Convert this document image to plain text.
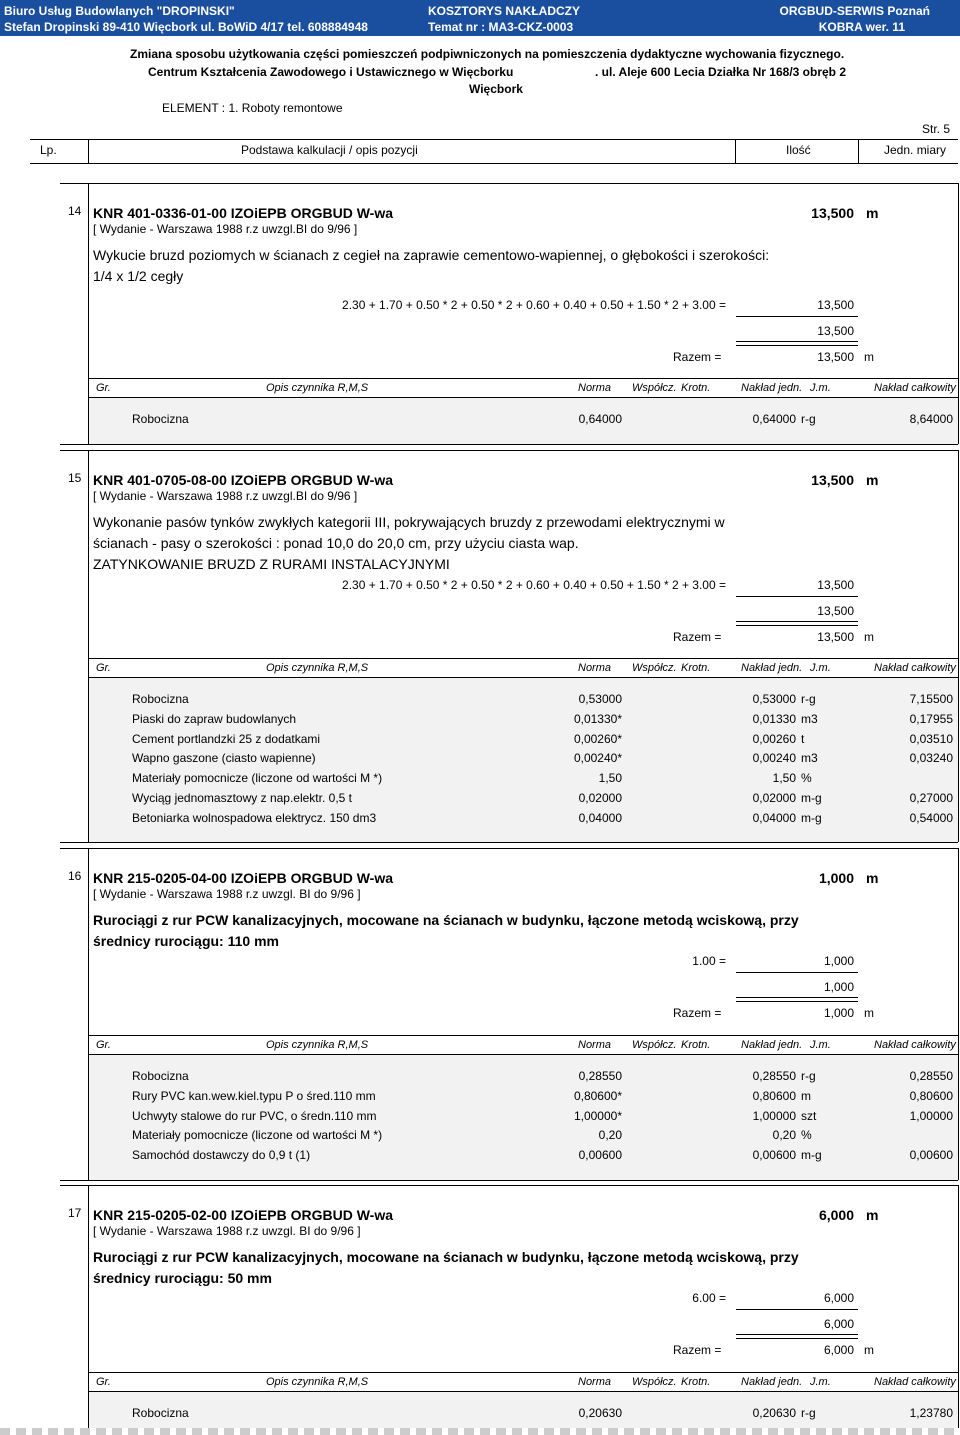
Biuro Usług Budowlanych "DROPINSKI"
Stefan Dropinski 89-410 Więcbork ul. BoWiD 4/17 tel. 608884948
KOSZTORYS NAKŁADCZY
Temat nr : MA3-CKZ-0003
ORGBUD-SERWIS Poznań
KOBRA wer. 11
Zmiana sposobu użytkowania części pomieszczeń podpiwniczonych na pomieszczenia dydaktyczne wychowania fizycznego.
Centrum Kształcenia Zawodowego i Ustawicznego w Więcborku	. ul. Aleje 600 Lecia Działka Nr 168/3 obręb 2
Więcbork
ELEMENT : 1. Roboty remontowe
Str. 5
Lp.	Podstawa kalkulacji / opis pozycji	Ilość	Jedn. miary
14 KNR 401-0336-01-00 IZOiEPB ORGBUD W-wa	13,500 m
[ Wydanie - Warszawa 1988 r.z uwzgl.BI do 9/96 ]
Wykucie bruzd poziomych w ścianach z cegieł na zaprawie cementowo-wapiennej, o głębokości i szerokości:
1/4 x 1/2 cegły
2.30 + 1.70 + 0.50 * 2 + 0.50 * 2 + 0.60 + 0.40 + 0.50 + 1.50 * 2 + 3.00 =	13,500
13,500
Razem =	13,500 m
Gr.	Opis czynnika R,M,S	Norma Współcz. Krotn.	Nakład jedn. J.m.	Nakład całkowity
Robocizna	0,64000	0,64000 r-g	8,64000
15 KNR 401-0705-08-00 IZOiEPB ORGBUD W-wa	13,500 m
[ Wydanie - Warszawa 1988 r.z uwzgl.BI do 9/96 ]
Wykonanie pasów tynków zwykłych kategorii III, pokrywających bruzdy z przewodami elektrycznymi w
ścianach - pasy o szerokości : ponad 10,0 do 20,0 cm, przy użyciu ciasta wap.
ZATYNKOWANIE BRUZD Z RURAMI INSTALACYJNYMI
2.30 + 1.70 + 0.50 * 2 + 0.50 * 2 + 0.60 + 0.40 + 0.50 + 1.50 * 2 + 3.00 =	13,500
13,500
Razem =	13,500 m
Gr.	Opis czynnika R,M,S	Norma Współcz. Krotn.	Nakład jedn. J.m.	Nakład całkowity
Robocizna	0,53000	0,53000 r-g	7,15500
Piaski do zapraw budowlanych	0,01330*	0,01330 m3	0,17955
Cement portlandzki 25 z dodatkami	0,00260*	0,00260 t	0,03510
Wapno gaszone (ciasto wapienne)	0,00240*	0,00240 m3	0,03240
Materiały pomocnicze (liczone od wartości M *)	1,50	1,50 %
Wyciąg jednomasztowy z nap.elektr. 0,5 t	0,02000	0,02000 m-g	0,27000
Betoniarka wolnospadowa elektrycz. 150 dm3	0,04000	0,04000 m-g	0,54000
16 KNR 215-0205-04-00 IZOiEPB ORGBUD W-wa	1,000 m
[ Wydanie - Warszawa 1988 r.z uwzgl. BI do 9/96 ]
Rurociągi z rur PCW kanalizacyjnych, mocowane na ścianach w budynku, łączone metodą wciskową, przy
średnicy rurociągu: 110 mm
1.00 =	1,000
1,000
Razem =	1,000 m
Gr.	Opis czynnika R,M,S	Norma Współcz. Krotn.	Nakład jedn. J.m.	Nakład całkowity
Robocizna	0,28550	0,28550 r-g	0,28550
Rury PVC kan.wew.kiel.typu P o śred.110 mm	0,80600*	0,80600 m	0,80600
Uchwyty stalowe do rur PVC, o średn.110 mm	1,00000*	1,00000 szt	1,00000
Materiały pomocnicze (liczone od wartości M *)	0,20	0,20 %
Samochód dostawczy do 0,9 t (1)	0,00600	0,00600 m-g	0,00600
17 KNR 215-0205-02-00 IZOiEPB ORGBUD W-wa	6,000 m
[ Wydanie - Warszawa 1988 r.z uwzgl. BI do 9/96 ]
Rurociągi z rur PCW kanalizacyjnych, mocowane na ścianach w budynku, łączone metodą wciskową, przy
średnicy rurociągu: 50 mm
6.00 =	6,000
6,000
Razem =	6,000 m
Gr.	Opis czynnika R,M,S	Norma Współcz. Krotn.	Nakład jedn. J.m.	Nakład całkowity
Robocizna	0,20630	0,20630 r-g	1,23780
